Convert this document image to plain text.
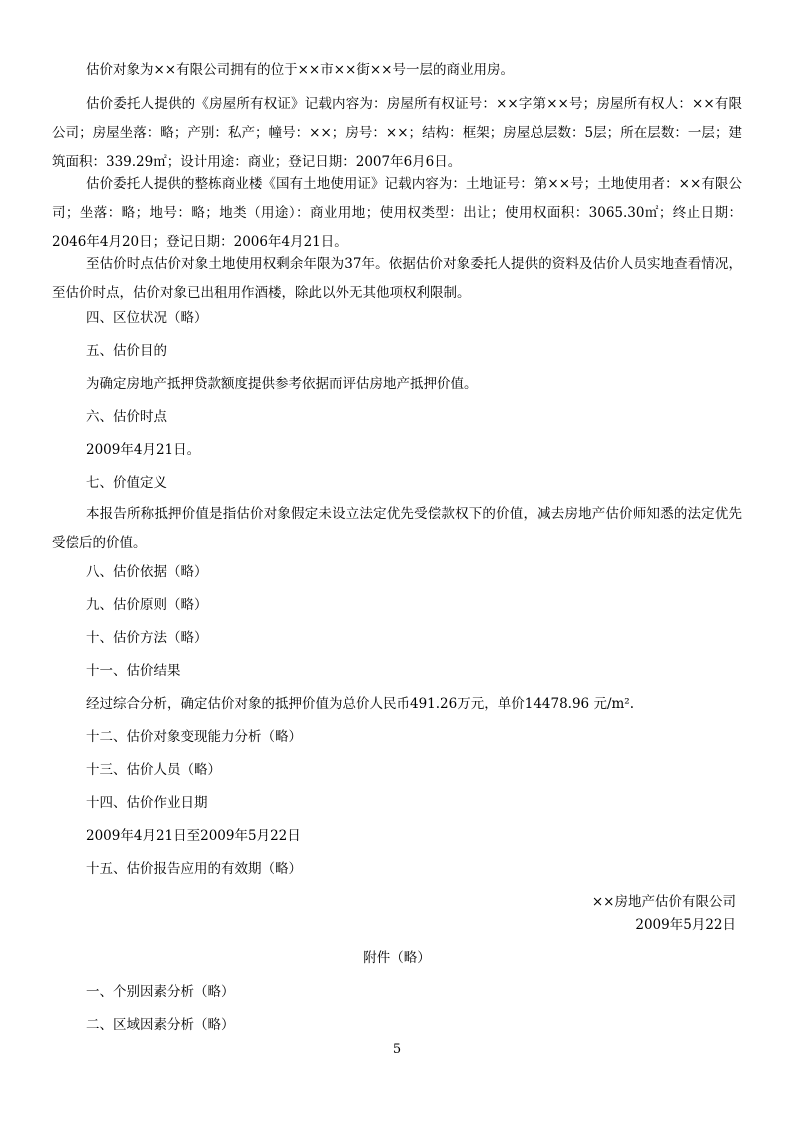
估价对象为××有限公司拥有的位于××市××街××号一层的商业用房。

估价委托人提供的《房屋所有权证》记载内容为：房屋所有权证号：××字第××号；房屋所有权人：××有限公司；房屋坐落：略；产别：私产；幢号：××；房号：××；结构：框架；房屋总层数：5层；所在层数：一层；建筑面积：339.29㎡；设计用途：商业；登记日期：2007年6月6日。

估价委托人提供的整栋商业楼《国有土地使用证》记载内容为：土地证号：第××号；土地使用者：××有限公司；坐落：略；地号：略；地类（用途）：商业用地；使用权类型：出让；使用权面积：3065.30㎡；终止日期：2046年4月20日；登记日期：2006年4月21日。

至估价时点估价对象土地使用权剩余年限为37年。依据估价对象委托人提供的资料及估价人员实地查看情况，至估价时点，估价对象已出租用作酒楼，除此以外无其他项权利限制。

四、区位状况（略）

五、估价目的

为确定房地产抵押贷款额度提供参考依据而评估房地产抵押价值。

六、估价时点

2009年4月21日。

七、价值定义

本报告所称抵押价值是指估价对象假定未设立法定优先受偿款权下的价值，减去房地产估价师知悉的法定优先受偿后的价值。

八、估价依据（略）

九、估价原则（略）

十、估价方法（略）

十一、估价结果

经过综合分析，确定估价对象的抵押价值为总价人民币491.26万元，单价14478.96 元/m².

十二、估价对象变现能力分析（略）

十三、估价人员（略）

十四、估价作业日期

2009年4月21日至2009年5月22日

十五、估价报告应用的有效期（略）

××房地产估价有限公司

2009年5月22日

附件（略）

一、个别因素分析（略）

二、区域因素分析（略）

5
